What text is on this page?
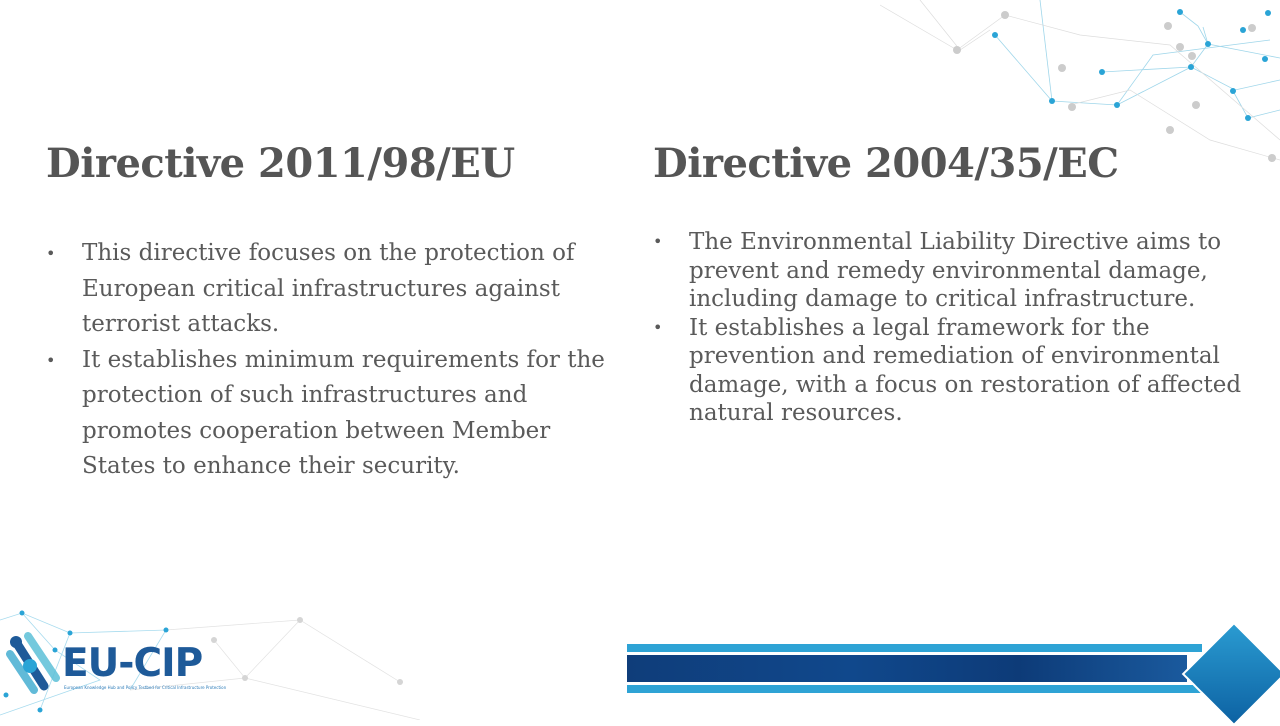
Directive 2011/98/EU
• This directive focuses on the protection of European critical infrastructures against terrorist attacks.
• It establishes minimum requirements for the protection of such infrastructures and promotes cooperation between Member States to enhance their security.
Directive 2004/35/EC
• The Environmental Liability Directive aims to prevent and remedy environmental damage, including damage to critical infrastructure.
• It establishes a legal framework for the prevention and remediation of environmental damage, with a focus on restoration of affected natural resources.
EU-CIP
European Knowledge Hub and Policy Testbed for Critical Infrastructure Protection
